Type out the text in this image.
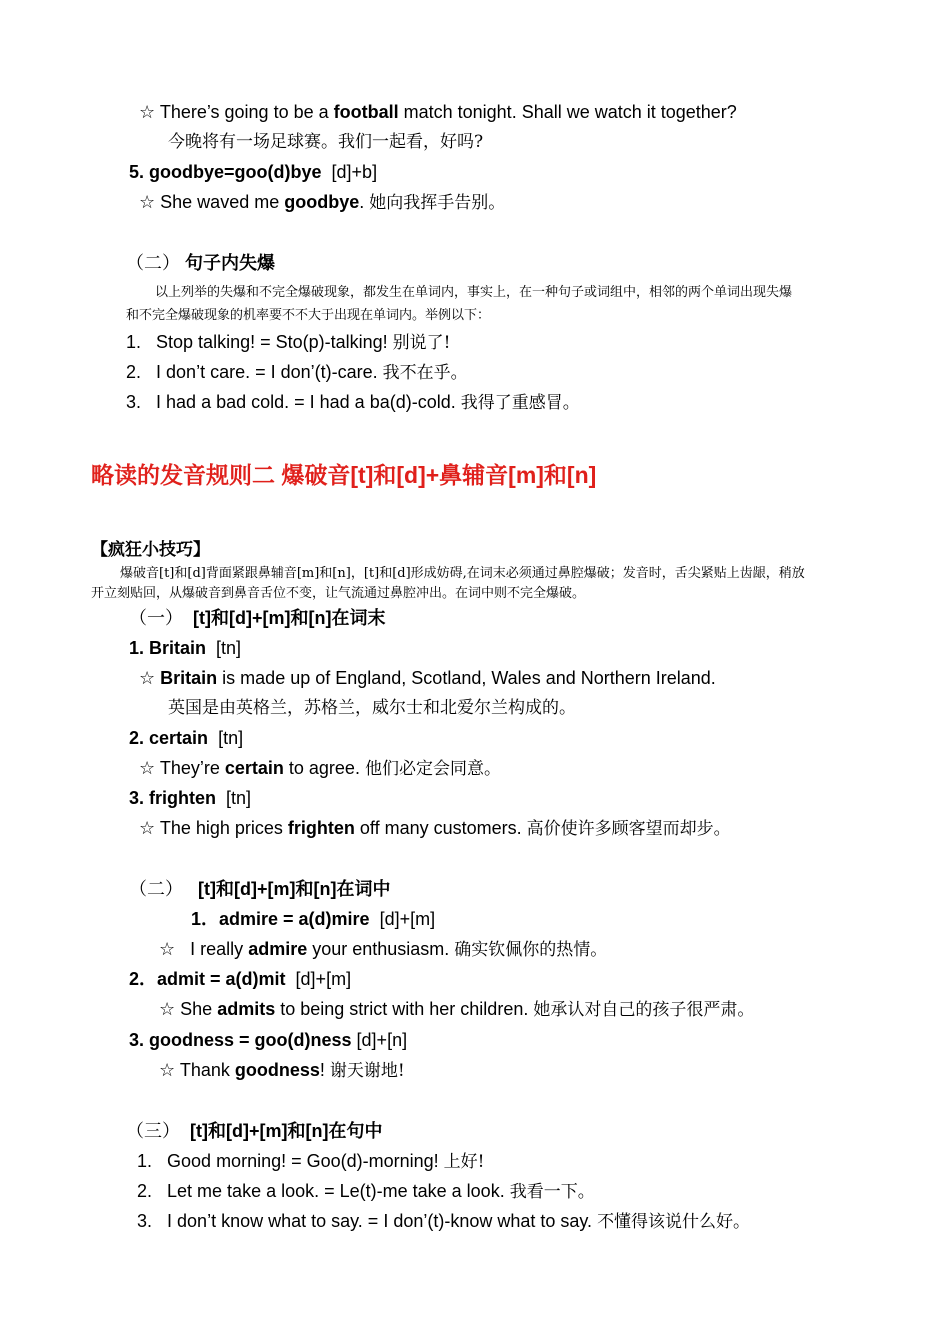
☆ There’s going to be a football match tonight. Shall we watch it together?
今晚将有一场足球赛。我们一起看，好吗?
5. goodbye=goo(d)bye [d]+b]
☆ She waved me goodbye. 她向我挥手告别。
（二） 句子内失爆
以上列举的失爆和不完全爆破现象，都发生在单词内，事实上，在一种句子或词组中，相邻的两个单词出现失爆
和不完全爆破现象的机率要不不大于出现在单词内。举例以下：
1. Stop talking! = Sto(p)-talking! 别说了!
2. I don’t care. = I don’(t)-care. 我不在乎。
3. I had a bad cold. = I had a ba(d)-cold. 我得了重感冒。
略读的发音规则二 爆破音[t]和[d]+鼻辅音[m]和[n]
【疯狂小技巧】
爆破音[t]和[d]背面紧跟鼻辅音[m]和[n]，[t]和[d]形成妨碍,在词末必须通过鼻腔爆破；发音时，舌尖紧贴上齿龈，稍放
开立刻贴回，从爆破音到鼻音舌位不变，让气流通过鼻腔冲出。在词中则不完全爆破。
（一） [t]和[d]+[m]和[n]在词末
1. Britain [tn]
☆ Britain is made up of England, Scotland, Wales and Northern Ireland.
英国是由英格兰，苏格兰，威尔士和北爱尔兰构成的。
2. certain [tn]
☆ They’re certain to agree. 他们必定会同意。
3. frighten [tn]
☆ The high prices frighten off many customers. 高价使许多顾客望而却步。
（二） [t]和[d]+[m]和[n]在词中
1．admire = a(d)mire [d]+[m]
☆ I really admire your enthusiasm. 确实钦佩你的热情。
2．admit = a(d)mit [d]+[m]
☆ She admits to being strict with her children. 她承认对自己的孩子很严肃。
3. goodness = goo(d)ness [d]+[n]
☆ Thank goodness! 谢天谢地!
（三） [t]和[d]+[m]和[n]在句中
1. Good morning! = Goo(d)-morning! 上好!
2. Let me take a look. = Le(t)-me take a look. 我看一下。
3. I don’t know what to say. = I don’(t)-know what to say. 不懂得该说什么好。
